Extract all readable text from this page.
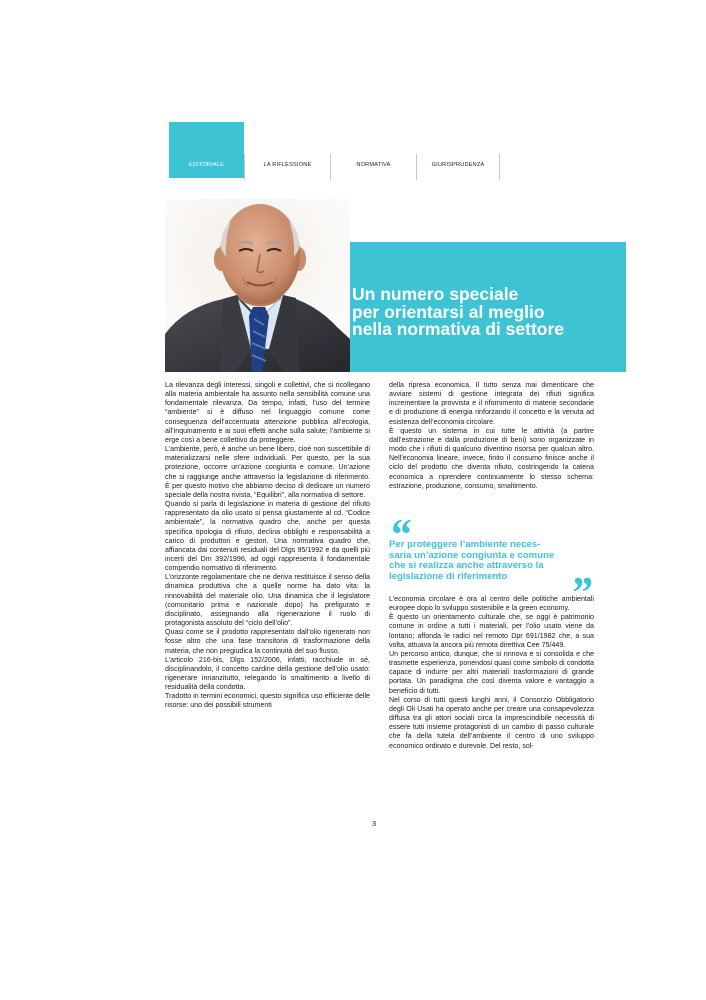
EDITORIALE	LA RIFLESSIONE	NORMATIVA	GIURISPRUDENZA
Un numero speciale
per orientarsi al meglio
nella normativa di settore

La rilevanza degli interessi, singoli e collettivi, che si ricollegano alla materia ambientale ha assunto nella sensibilità comune una fondamentale rilevanza. Da tempo, infatti, l’uso del termine “ambiente” si è diffuso nel linguaggio comune come conseguenza dell’accentuata attenzione pubblica all’ecologia, all’inquinamento e ai suoi effetti anche sulla salute; l’ambiente si erge così a bene collettivo da proteggere.

L’ambiente, però, è anche un bene libero, cioè non suscettibile di materializzarsi nelle sfere individuali. Per questo, per la sua protezione, occorre un’azione congiunta e comune. Un’azione che si raggiunge anche attraverso la legislazione di riferimento. È per questo motivo che abbiamo deciso di dedicare un numero speciale della nostra rivista, “Equilibri”, alla normativa di settore.

Quando si parla di legislazione in materia di gestione del rifiuto rappresentato da olio usato si pensa giustamente al cd. “Codice ambientale”, la normativa quadro che, anche per questa specifica tipologia di rifiuto, declina obblighi e responsabilità a carico di produttori e gestori. Una normativa quadro che, affiancata dai contenuti residuali del Dlgs 95/1992 e da quelli più incerti del Dm 392/1996, ad oggi rappresenta il fondamentale compendio normativo di riferimento.

L’orizzonte regolamentare che ne deriva restituisce il senso della dinamica produttiva che a quelle norme ha dato vita: la rinnovabilità del materiale olio. Una dinamica che il legislatore (comunitario prima e nazionale dopo) ha prefigurato e disciplinato, assegnando alla rigenerazione il ruolo di protagonista assoluto del “ciclo dell’olio”.

Quasi come se il prodotto rappresentato dall’olio rigenerato non fosse altro che una fase transitoria di trasformazione della materia, che non pregiudica la continuità del suo flusso.

L’articolo 216-bis, Dlgs 152/2006, infatti, racchiude in sé, disciplinandolo, il concetto cardine della gestione dell’olio usato: rigenerare innanzitutto, relegando lo smaltimento a livello di residualità della condotta.

Tradotto in termini economici, questo significa uso efficiente delle risorse: uno dei possibili strumenti

della ripresa economica. Il tutto senza mai dimenticare che avviare sistemi di gestione integrata dei rifiuti significa incrementare la provvista e il rifornimento di materie secondarie e di produzione di energia rinforzando il concetto e la venuta ad esistenza dell’economia circolare.

È questo un sistema in cui tutte le attività (a partire dall’estrazione e dalla produzione di beni) sono organizzate in modo che i rifiuti di qualcuno diventino risorsa per qualcun altro. Nell’economia lineare, invece, finito il consumo finisce anche il ciclo del prodotto che diventa rifiuto, costringendo la catena economica a riprendere continuamente lo stesso schema: estrazione, produzione, consumo, smaltimento.

“
Per proteggere l’ambiente neces-
saria un’azione congiunta e comune
che si realizza anche attraverso la
legislazione di riferimento	”

L’economia circolare è ora al centro delle politiche ambientali europee dopo lo sviluppo sostenibile e la green economy.

È questo un orientamento culturale che, se oggi è patrimonio comune in ordine a tutti i materiali, per l’olio usato viene da lontano; affonda le radici nel remoto Dpr 691/1982 che, a sua volta, attuava la ancora più remota direttiva Cee 75/449.

Un percorso antico, dunque, che si rinnova e si consolida e che trasmette esperienza, ponendosi quasi come simbolo di condotta capace di indurre per altri materiali trasformazioni di grande portata. Un paradigma che così diventa valore e vantaggio a beneficio di tutti.

Nel corso di tutti questi lunghi anni, il Consorzio Obbligatorio degli Oli Usati ha operato anche per creare una consapevolezza diffusa tra gli attori sociali circa la imprescindibile necessità di essere tutti insieme protagonisti di un cambio di passo culturale che fa della tutela dell’ambiente il centro di uno sviluppo economico ordinato e durevole. Del resto, sol-

3
